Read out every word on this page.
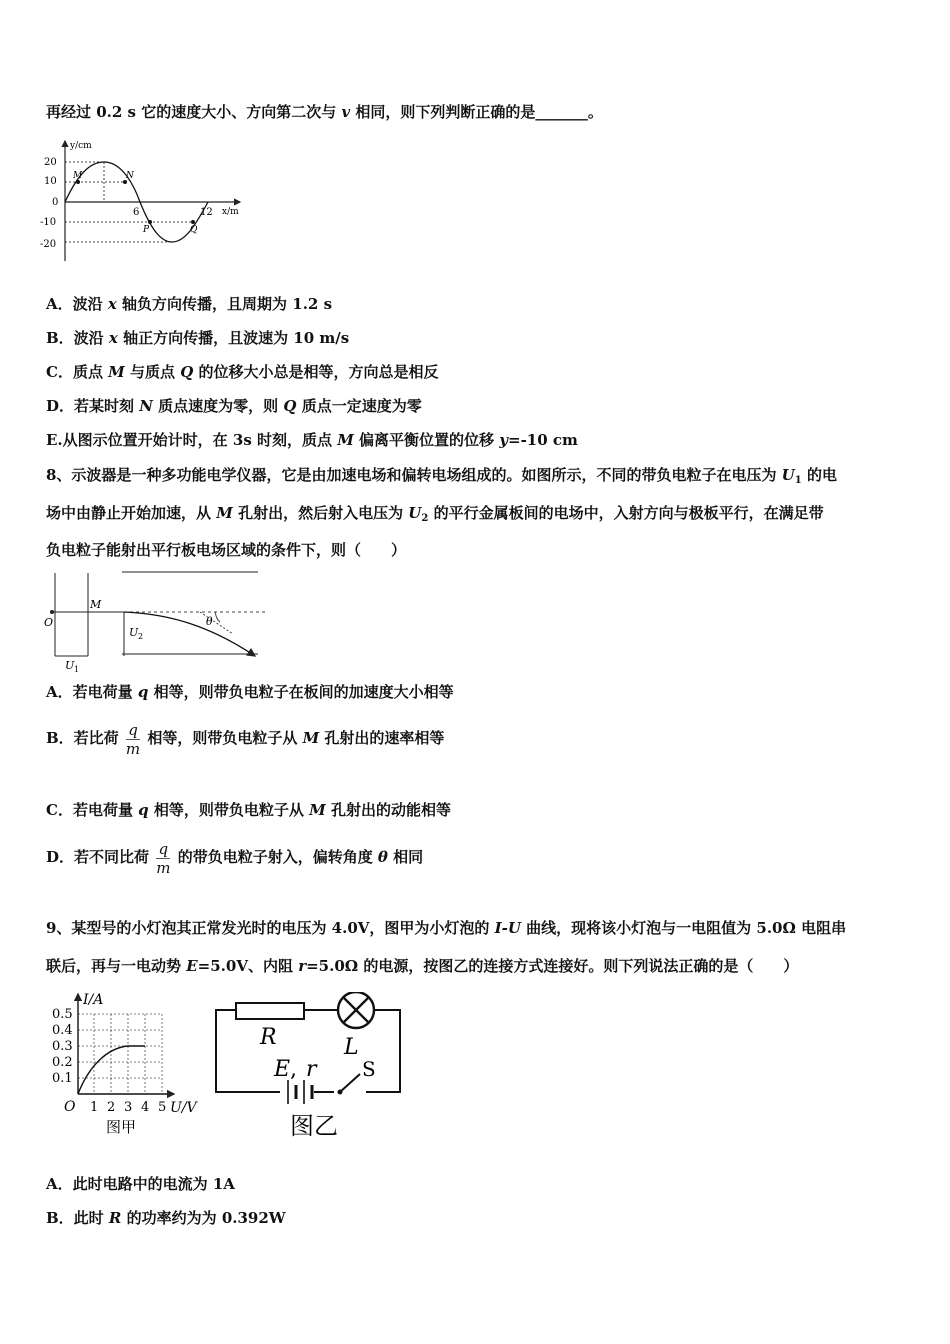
再经过 0.2 s 它的速度大小、方向第二次与 v 相同，则下列判断正确的是_______。
y/cm
x/m
20
10
0
-10
-20
6	12
M	N
P	Q
A．波沿 x 轴负方向传播，且周期为 1.2 s
B．波沿 x 轴正方向传播，且波速为 10 m/s
C．质点 M 与质点 Q 的位移大小总是相等，方向总是相反
D．若某时刻 N 质点速度为零，则 Q 质点一定速度为零
E.从图示位置开始计时，在 3s 时刻，质点 M 偏离平衡位置的位移 y=-10 cm
8、示波器是一种多功能电学仪器，它是由加速电场和偏转电场组成的。如图所示，不同的带负电粒子在电压为 $U_1$ 的电
场中由静止开始加速，从 M 孔射出，然后射入电压为 $U_2$ 的平行金属板间的电场中，入射方向与极板平行，在满足带
负电粒子能射出平行板电场区域的条件下，则（　　）
O
M
θ
U 2
U 1
A．若电荷量 q 相等，则带负电粒子在板间的加速度大小相等
B．若比荷 $\frac{q}{m}$ 相等，则带负电粒子从 M 孔射出的速率相等
C．若电荷量 q 相等，则带负电粒子从 M 孔射出的动能相等
D．若不同比荷 $\frac{q}{m}$ 的带负电粒子射入，偏转角度 θ 相同
9、某型号的小灯泡其正常发光时的电压为 4.0V，图甲为小灯泡的 I-U 曲线，现将该小灯泡与一电阻值为 5.0Ω 电阻串
联后，再与一电动势 E=5.0V、内阻 r=5.0Ω 的电源，按图乙的连接方式连接好。则下列说法正确的是（　　）
I/A
U/V
O
0.5
0.4
0.3
0.2
0.1
1 2 3 4 5
图甲
R	L
E , r S
图乙
A．此时电路中的电流为 1A
B．此时 R 的功率约为为 0.392W
